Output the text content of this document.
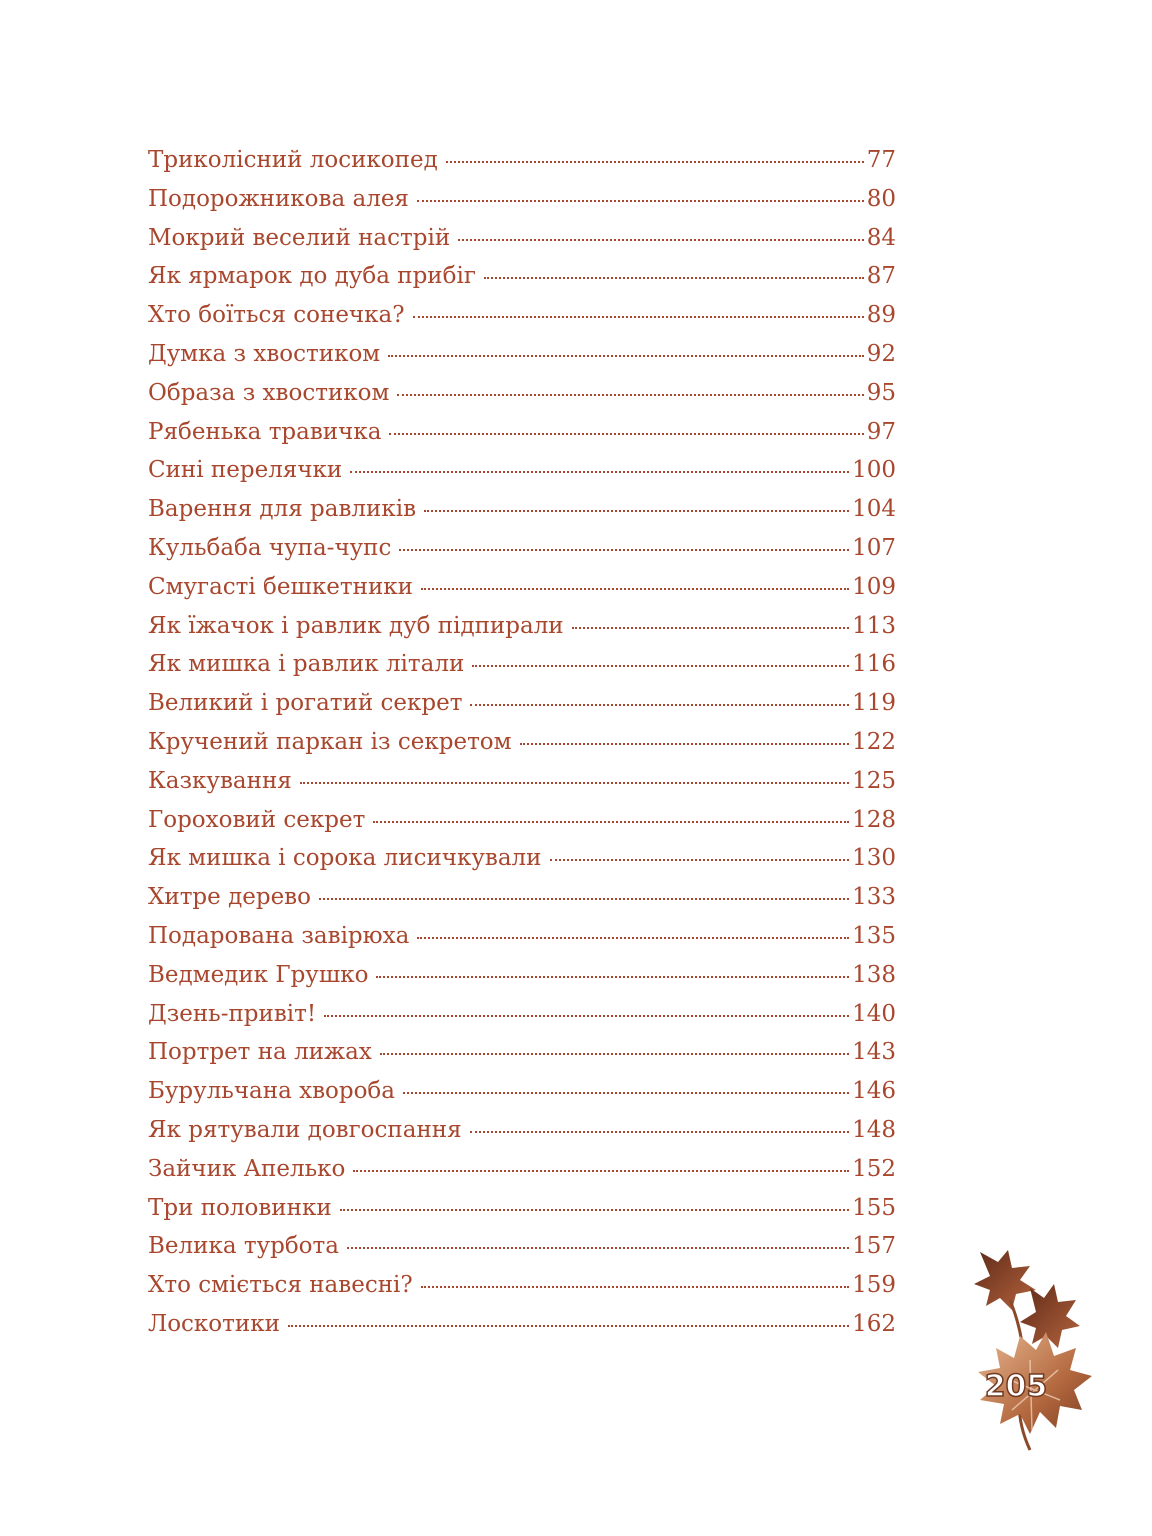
Триколісний лосикопед	77
Подорожникова алея	80
Мокрий веселий настрій	84
Як ярмарок до дуба прибіг	87
Хто боїться сонечка?	89
Думка з хвостиком	92
Образа з хвостиком	95
Рябенька травичка	97
Сині перелячки	100
Варення для равликів	104
Кульбаба чупа-чупс	107
Смугасті бешкетники	109
Як їжачок і равлик дуб підпирали	113
Як мишка і равлик літали	116
Великий і рогатий секрет	119
Кручений паркан із секретом	122
Казкування	125
Гороховий секрет	128
Як мишка і сорока лисичкували	130
Хитре дерево	133
Подарована завірюха	135
Ведмедик Грушко	138
Дзень-привіт!	140
Портрет на лижах	143
Бурульчана хвороба	146
Як рятували довгоспання	148
Зайчик Апелько	152
Три половинки	155
Велика турбота	157
Хто сміється навесні?	159
Лоскотики	162
205
